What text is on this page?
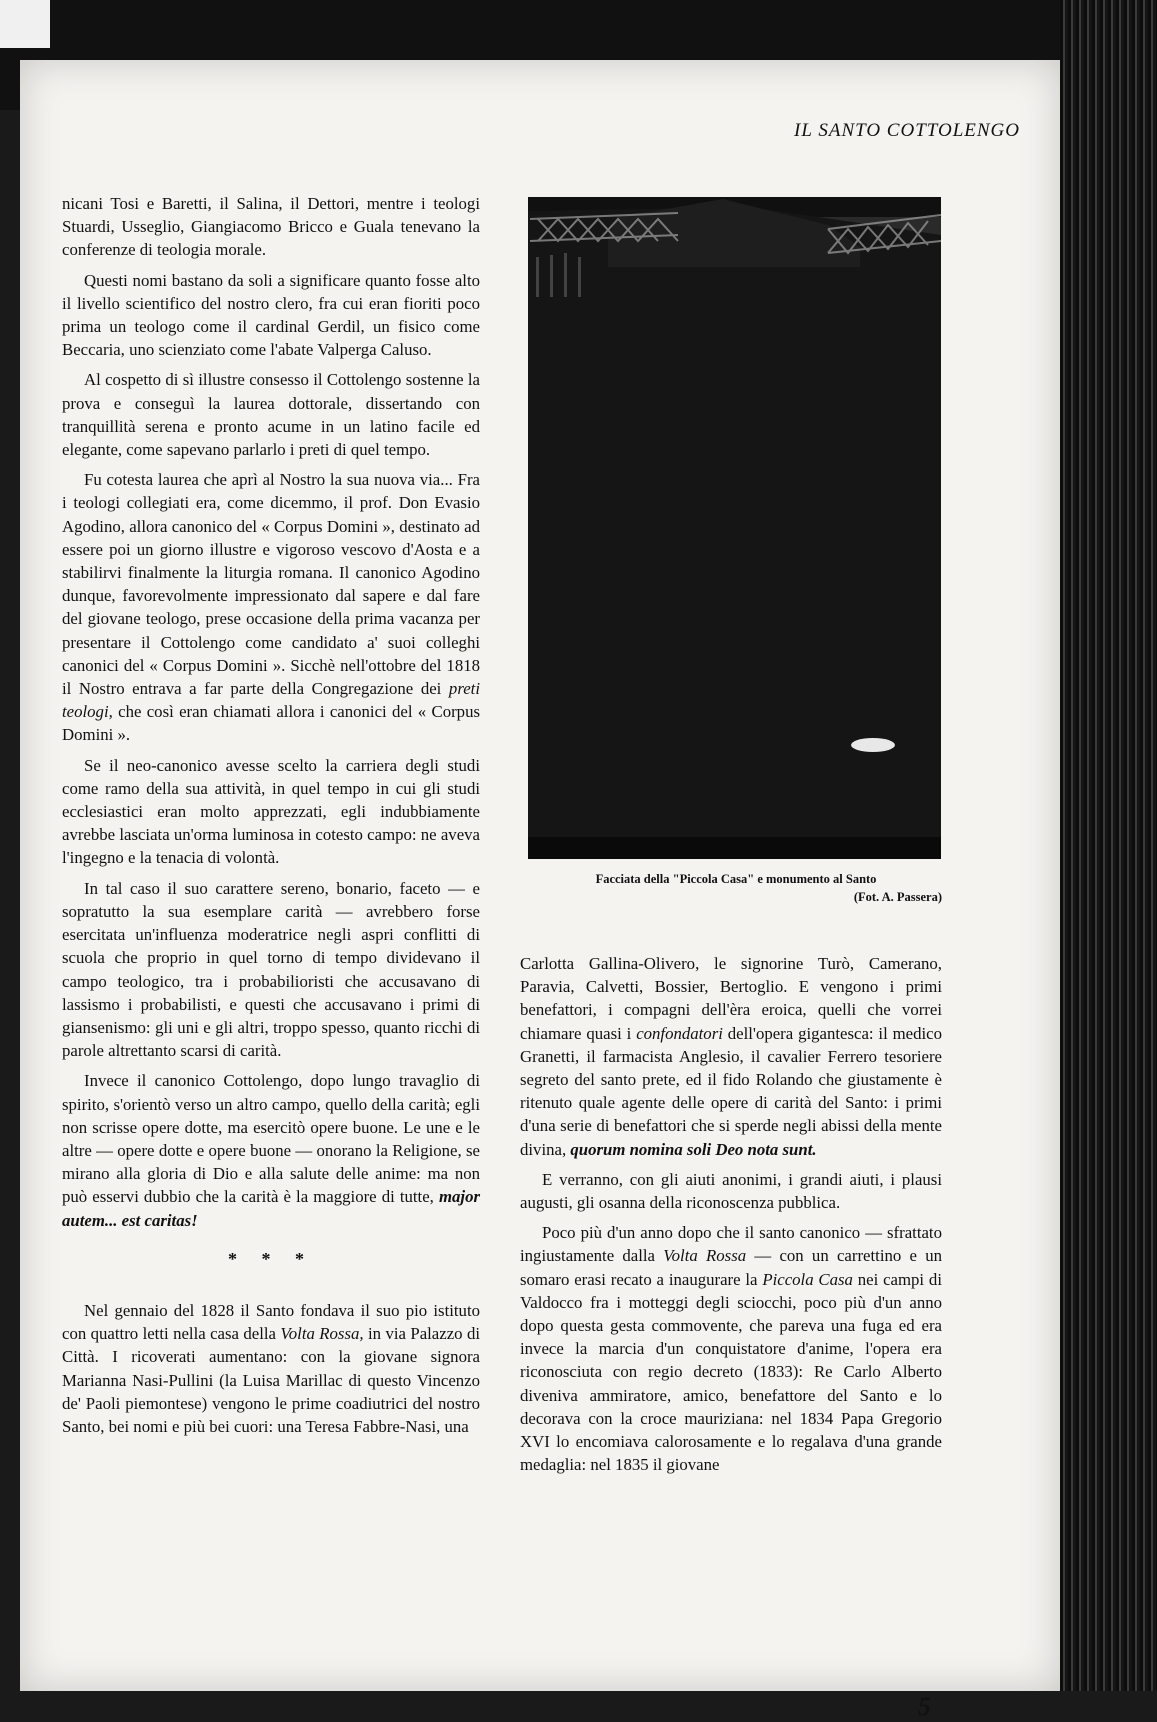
IL SANTO COTTOLENGO

nicani Tosi e Baretti, il Salina, il Dettori, mentre i teologi Stuardi, Usseglio, Giangiacomo Bricco e Guala tenevano la conferenze di teologia morale.

Questi nomi bastano da soli a significare quanto fosse alto il livello scientifico del nostro clero, fra cui eran fioriti poco prima un teologo come il cardinal Gerdil, un fisico come Beccaria, uno scienziato come l'abate Valperga Caluso.

Al cospetto di sì illustre consesso il Cottolengo sostenne la prova e conseguì la laurea dottorale, dissertando con tranquillità serena e pronto acume in un latino facile ed elegante, come sapevano parlarlo i preti di quel tempo.

Fu cotesta laurea che aprì al Nostro la sua nuova via... Fra i teologi collegiati era, come dicemmo, il prof. Don Evasio Agodino, allora canonico del « Corpus Domini », destinato ad essere poi un giorno illustre e vigoroso vescovo d'Aosta e a stabilirvi finalmente la liturgia romana. Il canonico Agodino dunque, favorevolmente impressionato dal sapere e dal fare del giovane teologo, prese occasione della prima vacanza per presentare il Cottolengo come candidato a' suoi colleghi canonici del « Corpus Domini ». Sicchè nell'ottobre del 1818 il Nostro entrava a far parte della Congregazione dei preti teologi, che così eran chiamati allora i canonici del « Corpus Domini ».

Se il neo-canonico avesse scelto la carriera degli studi come ramo della sua attività, in quel tempo in cui gli studi ecclesiastici eran molto apprezzati, egli indubbiamente avrebbe lasciata un'orma luminosa in cotesto campo: ne aveva l'ingegno e la tenacia di volontà.

In tal caso il suo carattere sereno, bonario, faceto — e sopratutto la sua esemplare carità — avrebbero forse esercitata un'influenza moderatrice negli aspri conflitti di scuola che proprio in quel torno di tempo dividevano il campo teologico, tra i probabilioristi che accusavano di lassismo i probabilisti, e questi che accusavano i primi di giansenismo: gli uni e gli altri, troppo spesso, quanto ricchi di parole altrettanto scarsi di carità.

Invece il canonico Cottolengo, dopo lungo travaglio di spirito, s'orientò verso un altro campo, quello della carità; egli non scrisse opere dotte, ma esercitò opere buone. Le une e le altre — opere dotte e opere buone — onorano la Religione, se mirano alla gloria di Dio e alla salute delle anime: ma non può esservi dubbio che la carità è la maggiore di tutte, major autem... est caritas!

* * *

Nel gennaio del 1828 il Santo fondava il suo pio istituto con quattro letti nella casa della Volta Rossa, in via Palazzo di Città. I ricoverati aumentano: con la giovane signora Marianna Nasi-Pullini (la Luisa Marillac di questo Vincenzo de' Paoli piemontese) vengono le prime coadiutrici del nostro Santo, bei nomi e più bei cuori: una Teresa Fabbre-Nasi, una

Facciata della "Piccola Casa" e monumento al Santo
(Fot. A. Passera)

Carlotta Gallina-Olivero, le signorine Turò, Camerano, Paravia, Calvetti, Bossier, Bertoglio. E vengono i primi benefattori, i compagni dell'èra eroica, quelli che vorrei chiamare quasi i confondatori dell'opera gigantesca: il medico Granetti, il farmacista Anglesio, il cavalier Ferrero tesoriere segreto del santo prete, ed il fido Rolando che giustamente è ritenuto quale agente delle opere di carità del Santo: i primi d'una serie di benefattori che si sperde negli abissi della mente divina, quorum nomina soli Deo nota sunt.

E verranno, con gli aiuti anonimi, i grandi aiuti, i plausi augusti, gli osanna della riconoscenza pubblica.

Poco più d'un anno dopo che il santo canonico — sfrattato ingiustamente dalla Volta Rossa — con un carrettino e un somaro erasi recato a inaugurare la Piccola Casa nei campi di Valdocco fra i motteggi degli sciocchi, poco più d'un anno dopo questa gesta commovente, che pareva una fuga ed era invece la marcia d'un conquistatore d'anime, l'opera era riconosciuta con regio decreto (1833): Re Carlo Alberto diveniva ammiratore, amico, benefattore del Santo e lo decorava con la croce mauriziana: nel 1834 Papa Gregorio XVI lo encomiava calorosamente e lo regalava d'una grande medaglia: nel 1835 il giovane

5
